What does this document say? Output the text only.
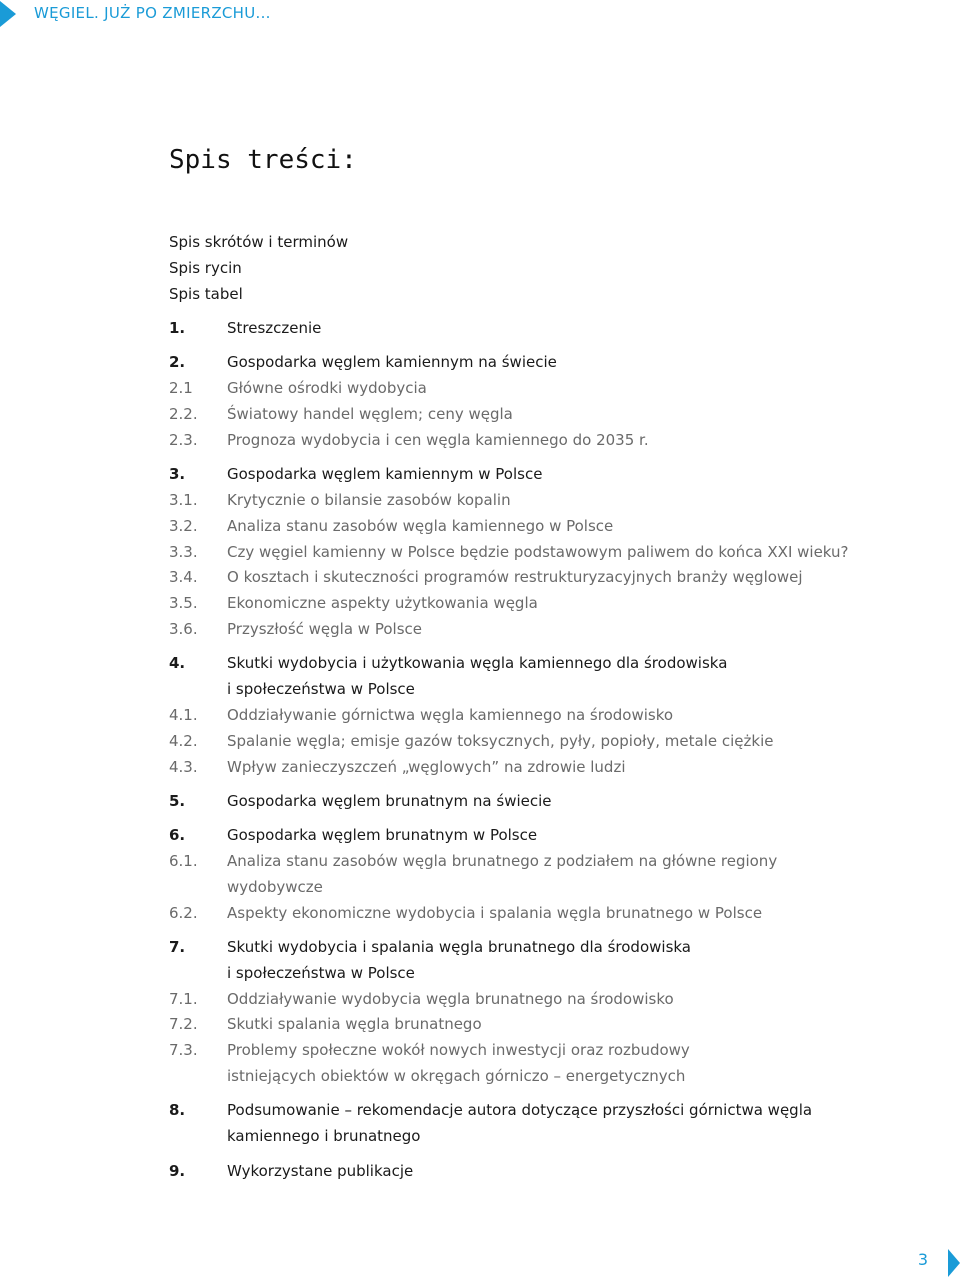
WĘGIEL. JUŻ PO ZMIERZCHU...
Spis treści:
Spis skrótów i terminów
Spis rycin
Spis tabel
1.	Streszczenie
2.	Gospodarka węglem kamiennym na świecie
2.1	Główne ośrodki wydobycia
2.2.	Światowy handel węglem; ceny węgla
2.3.	Prognoza wydobycia i cen węgla kamiennego do 2035 r.
3.	Gospodarka węglem kamiennym w Polsce
3.1.	Krytycznie o bilansie zasobów kopalin
3.2.	Analiza stanu zasobów węgla kamiennego w Polsce
3.3.	Czy węgiel kamienny w Polsce będzie podstawowym paliwem do końca XXI wieku?
3.4.	O kosztach i skuteczności programów restrukturyzacyjnych branży węglowej
3.5.	Ekonomiczne aspekty użytkowania węgla
3.6.	Przyszłość węgla w Polsce
4.	Skutki wydobycia i użytkowania węgla kamiennego dla środowiska
i społeczeństwa w Polsce
4.1.	Oddziaływanie górnictwa węgla kamiennego na środowisko
4.2.	Spalanie węgla; emisje gazów toksycznych, pyły, popioły, metale ciężkie
4.3.	Wpływ zanieczyszczeń „węglowych” na zdrowie ludzi
5.	Gospodarka węglem brunatnym na świecie
6.	Gospodarka węglem brunatnym w Polsce
6.1.	Analiza stanu zasobów węgla brunatnego z podziałem na główne regiony wydobywcze
6.2.	Aspekty ekonomiczne wydobycia i spalania węgla brunatnego w Polsce
7.	Skutki wydobycia i spalania węgla brunatnego dla środowiska
i społeczeństwa w Polsce
7.1.	Oddziaływanie wydobycia węgla brunatnego na środowisko
7.2.	Skutki spalania węgla brunatnego
7.3.	Problemy społeczne wokół nowych inwestycji oraz rozbudowy
istniejących obiektów w okręgach górniczo – energetycznych
8.	Podsumowanie – rekomendacje autora dotyczące przyszłości górnictwa węgla
kamiennego i brunatnego
9.	Wykorzystane publikacje
3
